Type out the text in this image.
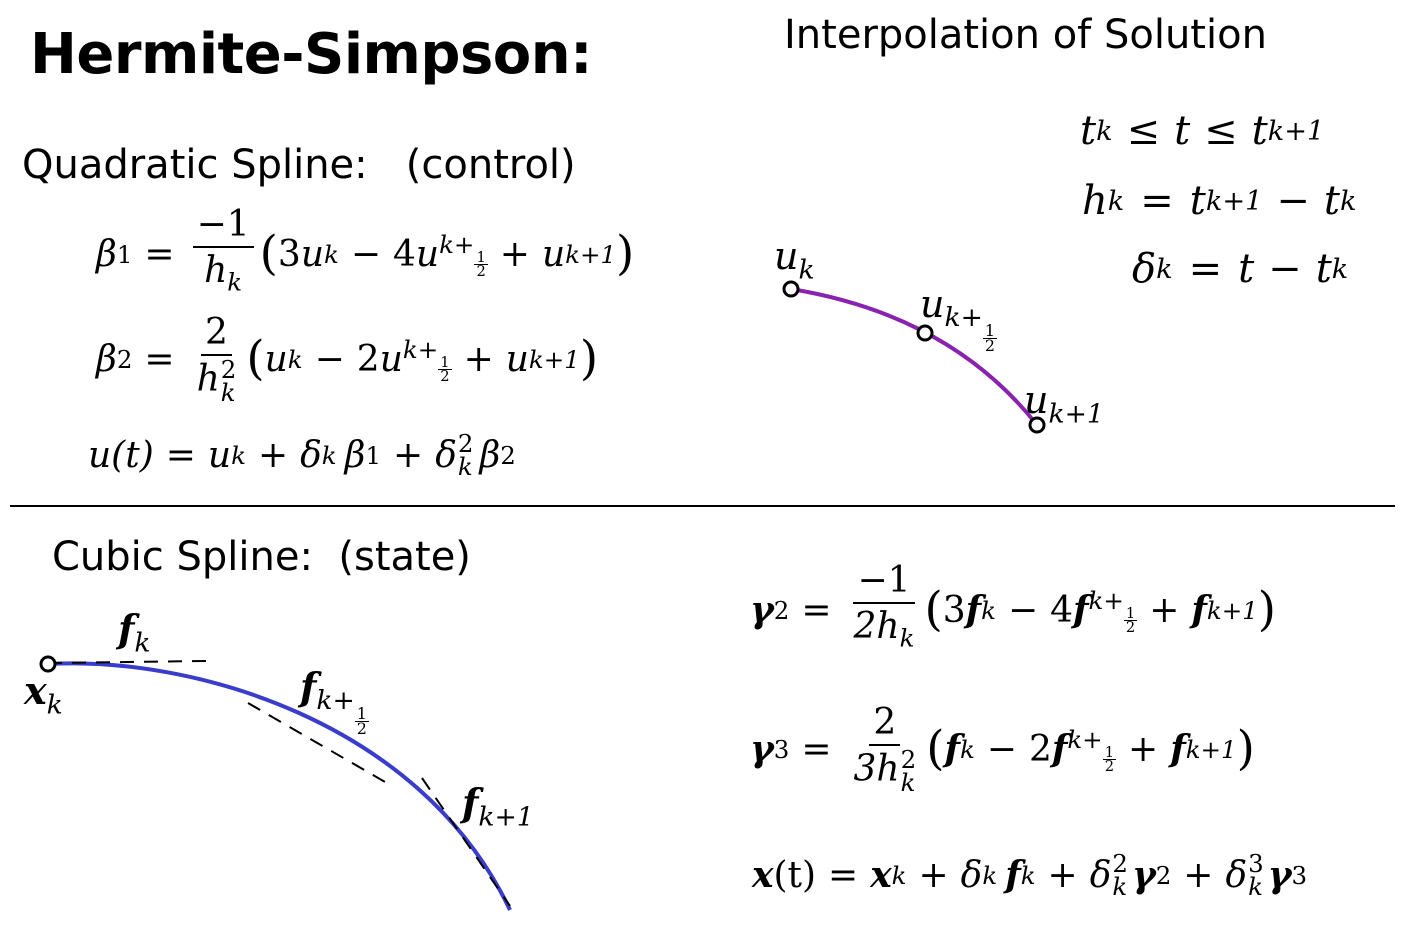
Hermite-Simpson:	Interpolation of Solution
t k ≤ t ≤ t k+1
h k = t k+1 − t k
δ k = t − t k
Quadratic Spline:   (control)
β $1 = \frac{-1}{h_k}$ ( 3 u k − 4 u k+
$\frac{1}{2} + u$ k+1 )
β 2 = 2
h 2
k ( u k − 2 u k+
$\frac{1}{2} + u$ k+1 )
u(t) = u k + δ k β 1 + δ 2
k β 2
Cubic Spline:  (state)
γ $2 = \frac{-1}{2h_k}$ ( 3 f k − 4 f k+
$\frac{1}{2} + f$ k+1 )
γ 3 = 2
3h 2
k ( f k − 2 f k+
$\frac{1}{2} + f$ k+1 )
x (t) = x k + δ k f k + δ 2
k γ 2 + δ 3
k γ 3
$u_k$
$u_{k+ \frac{1}{2}}$
$u_{k+1}$
$f_k$
$x_k$	$f_{k+ \frac{1}{2}}$
$f_{k+1}$
